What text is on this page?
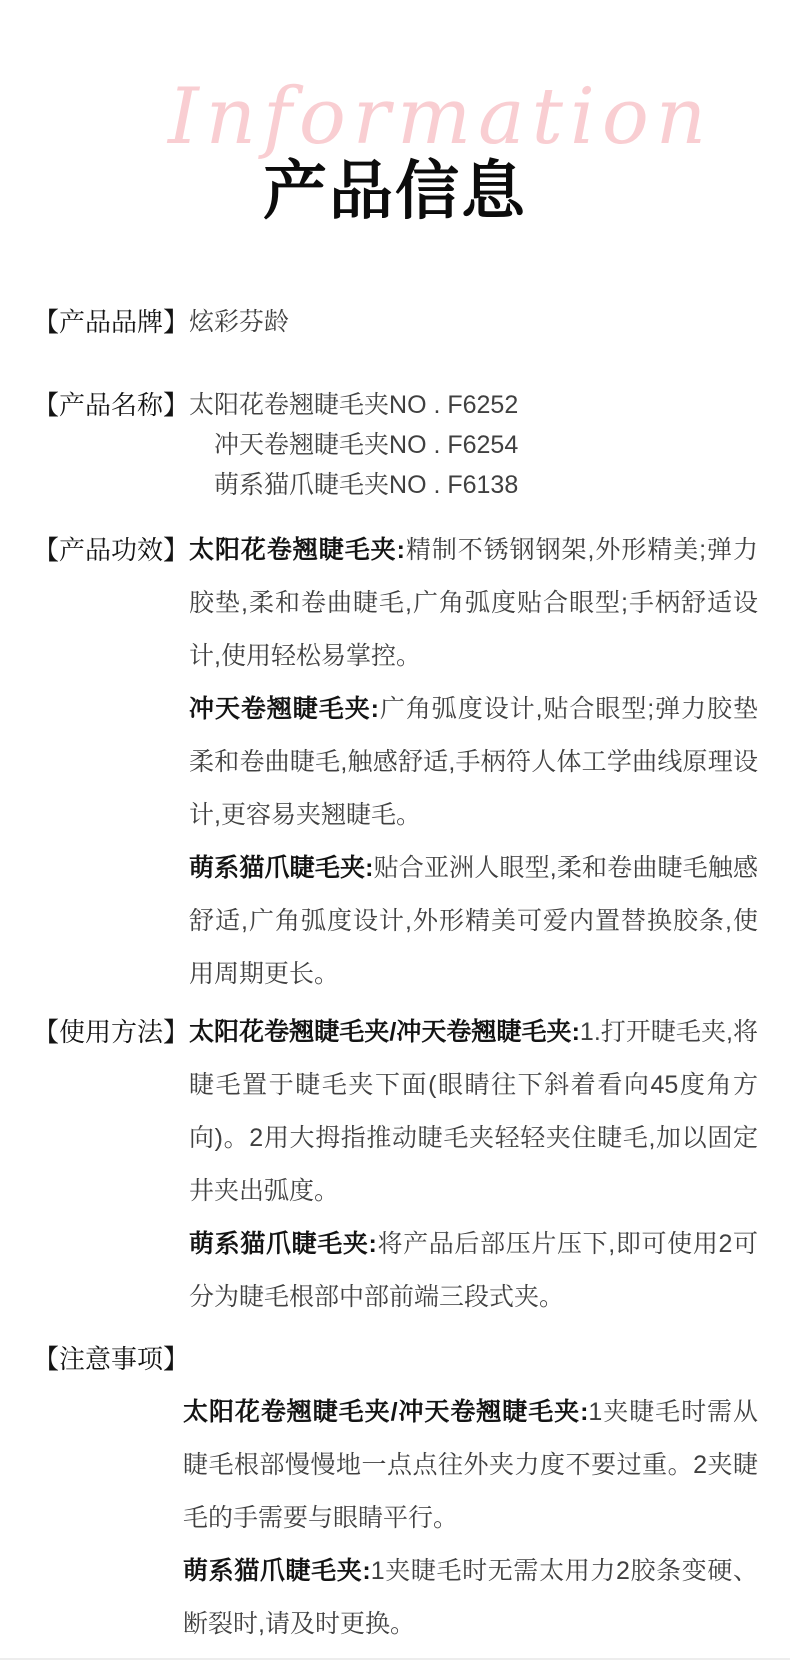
Information
产品信息
【产品品牌】 炫彩芬龄
【产品名称】 太阳花卷翘睫毛夹NO . F6252
冲天卷翘睫毛夹NO . F6254
萌系猫爪睫毛夹NO . F6138
【产品功效】 太阳花卷翘睫毛夹:精制不锈钢钢架,外形精美;弹力胶垫,柔和卷曲睫毛,广角弧度贴合眼型;手柄舒适设计,使用轻松易掌控。

冲天卷翘睫毛夹:广角弧度设计,贴合眼型;弹力胶垫柔和卷曲睫毛,触感舒适,手柄符人体工学曲线原理设计,更容易夹翘睫毛。

萌系猫爪睫毛夹:贴合亚洲人眼型,柔和卷曲睫毛触感舒适,广角弧度设计,外形精美可爱内置替换胶条,使用周期更长。

【使用方法】 太阳花卷翘睫毛夹/冲天卷翘睫毛夹:1.打开睫毛夹,将睫毛置于睫毛夹下面(眼睛往下斜着看向45度角方向)。2用大拇指推动睫毛夹轻轻夹住睫毛,加以固定井夹出弧度。

萌系猫爪睫毛夹:将产品后部压片压下,即可使用2可分为睫毛根部中部前端三段式夹。

【注意事项】

太阳花卷翘睫毛夹/冲天卷翘睫毛夹:1夹睫毛时需从睫毛根部慢慢地一点点往外夹力度不要过重。2夹睫毛的手需要与眼睛平行。

萌系猫爪睫毛夹:1夹睫毛时无需太用力2胶条变硬、断裂时,请及时更换。
